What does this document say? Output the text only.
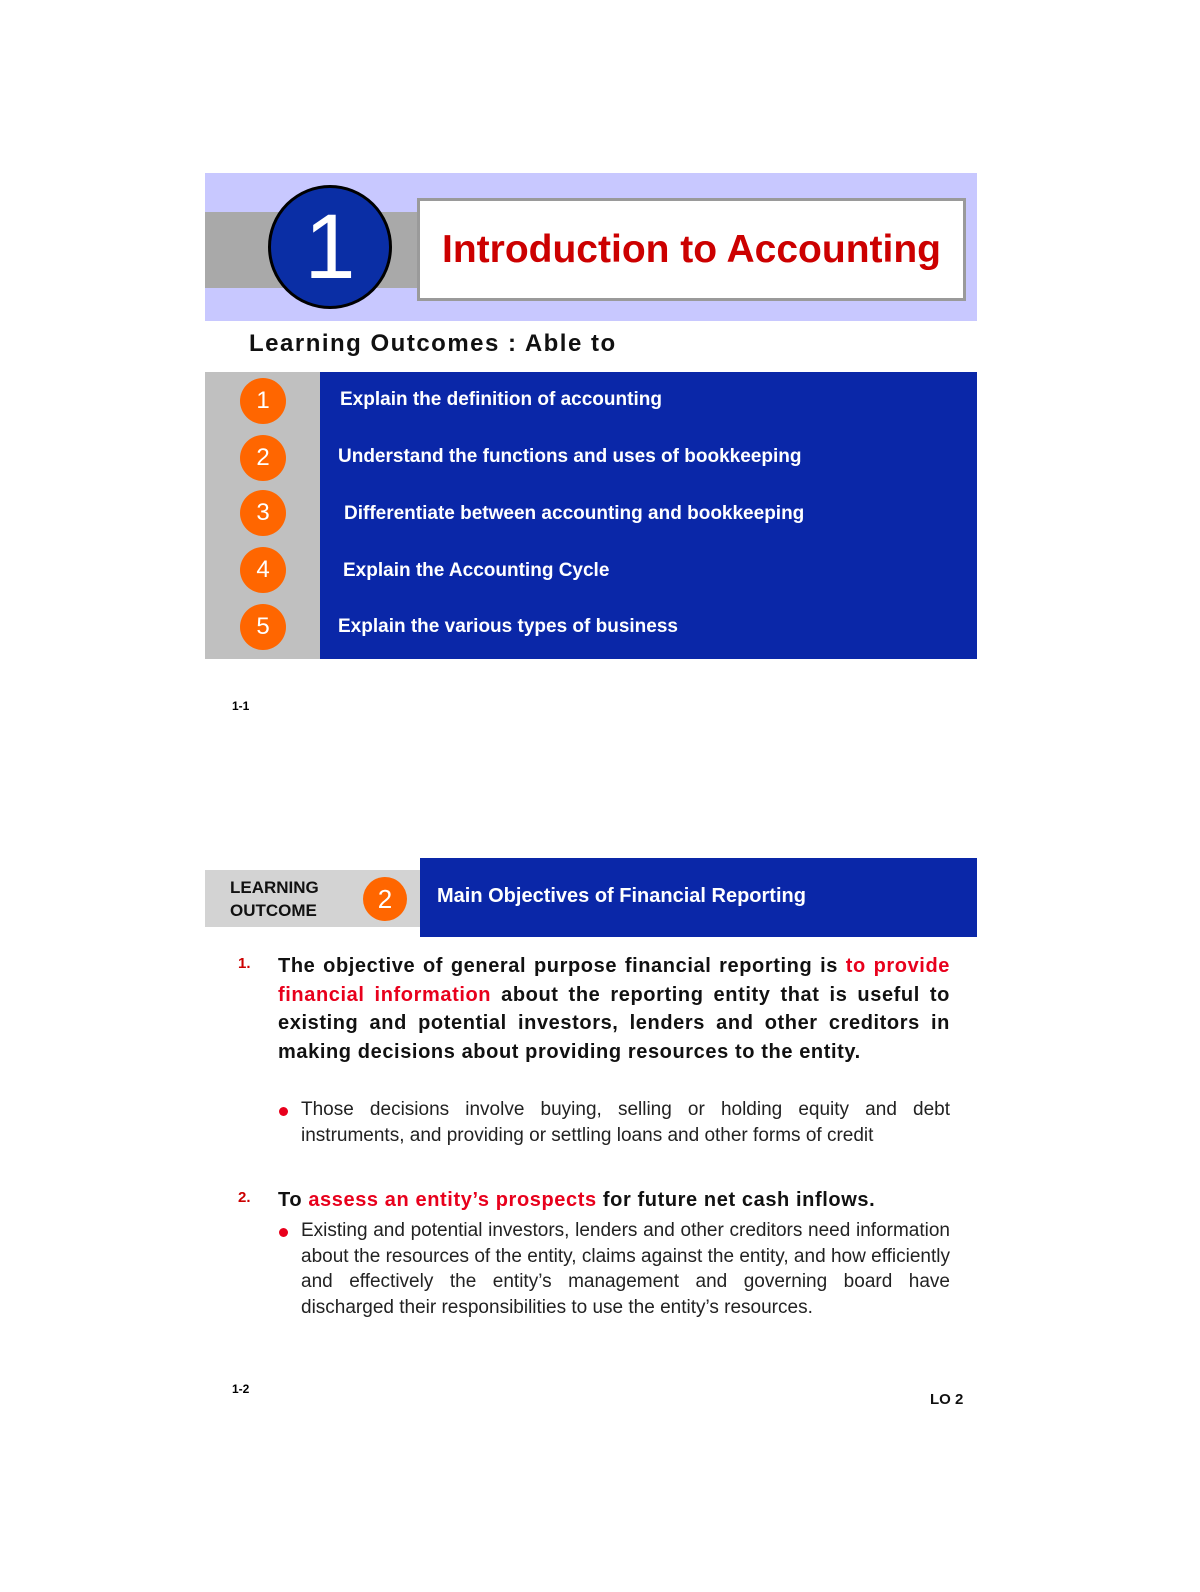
1	Introduction to Accounting
Learning Outcomes : Able to
1	Explain the definition of accounting
2	Understand the functions and uses of bookkeeping
3	Differentiate between accounting and bookkeeping
4	Explain the Accounting Cycle
5	Explain the various types of business
1-1
LEARNING
OUTCOME	2	Main Objectives of Financial Reporting
1. The objective of general purpose financial reporting is to provide financial information about the reporting entity that is useful to existing and potential investors, lenders and other creditors in making decisions about providing resources to the entity.
Those decisions involve buying, selling or holding equity and debt instruments, and providing or settling loans and other forms of credit
2. To assess an entity’s prospects for future net cash inflows.
Existing and potential investors, lenders and other creditors need information about the resources of the entity, claims against the entity, and how efficiently and effectively the entity’s management and governing board have discharged their responsibilities to use the entity’s resources.
1-2
LO 2
